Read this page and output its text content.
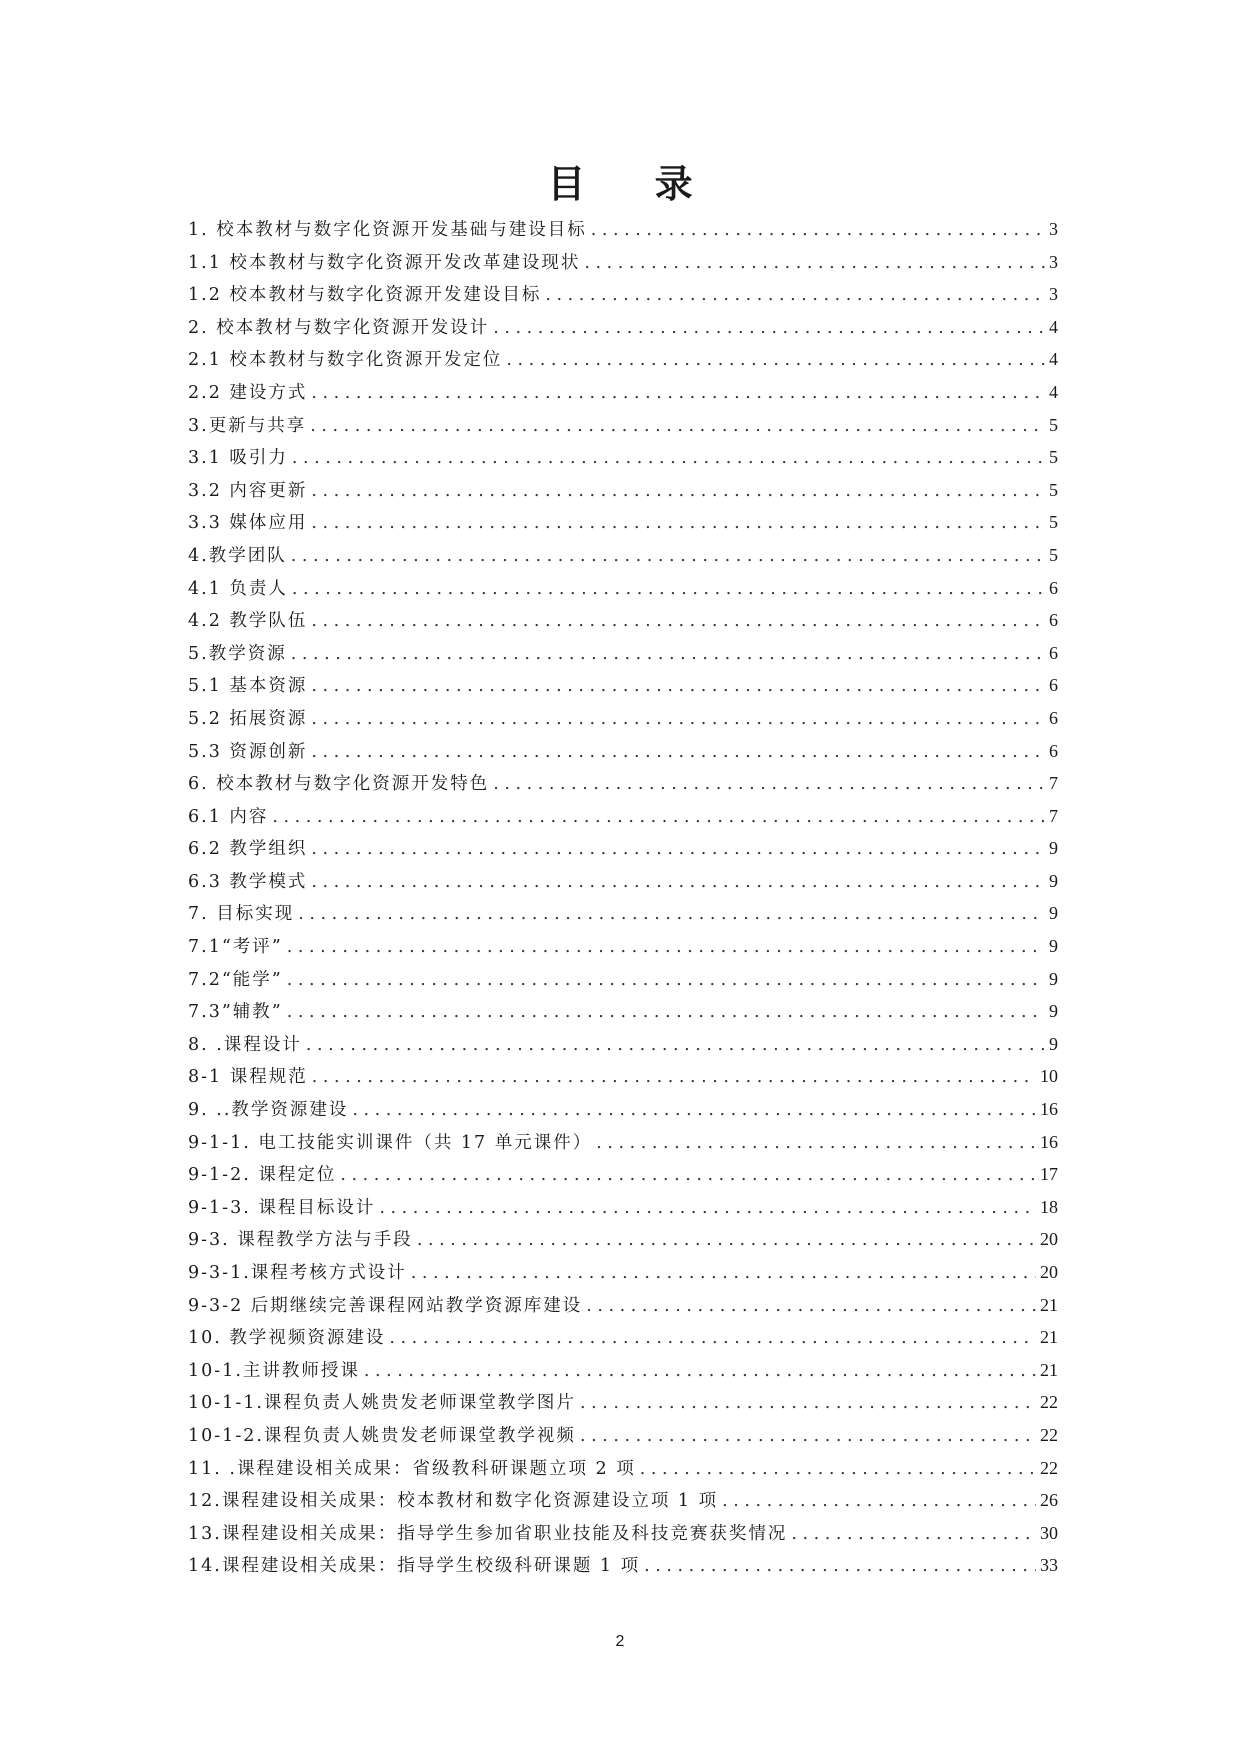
目 录
1. 校本教材与数字化资源开发基础与建设目标 . . .	3
1.1 校本教材与数字化资源开发改革建设现状 . . .	3
1.2 校本教材与数字化资源开发建设目标 . . .	3
2. 校本教材与数字化资源开发设计 . . .	4
2.1 校本教材与数字化资源开发定位 . . .	4
2.2 建设方式 . . .	4
3.更新与共享 . . .	5
3.1 吸引力 . . .	5
3.2 内容更新 . . .	5
3.3 媒体应用 . . .	5
4.教学团队 . . .	5
4.1 负责人 . . .	6
4.2 教学队伍 . . .	6
5.教学资源 . . .	6
5.1 基本资源 . . .	6
5.2 拓展资源 . . .	6
5.3 资源创新 . . .	6
6. 校本教材与数字化资源开发特色 . . .	7
6.1 内容 . . .	7
6.2 教学组织 . . .	9
6.3 教学模式 . . .	9
7. 目标实现 . . .	9
7.1“考评” . . .	9
7.2“能学” . . .	9
7.3”辅教” . . .	9
8. .课程设计 . . .	9
8-1 课程规范 . . .	10
9. ..教学资源建设 . . .	16
9-1-1. 电工技能实训课件（共 17 单元课件） . . .	16
9-1-2. 课程定位 . . .	17
9-1-3. 课程目标设计 . . .	18
9-3. 课程教学方法与手段 . . .	20
9-3-1.课程考核方式设计 . . .	20
9-3-2 后期继续完善课程网站教学资源库建设 . . .	21
10. 教学视频资源建设 . . .	21
10-1.主讲教师授课 . . .	21
10-1-1.课程负责人姚贵发老师课堂教学图片 . . .	22
10-1-2.课程负责人姚贵发老师课堂教学视频 . . .	22
11. .课程建设相关成果：省级教科研课题立项 2 项 . . .	22
12.课程建设相关成果：校本教材和数字化资源建设立项 1 项 . . .	26
13.课程建设相关成果：指导学生参加省职业技能及科技竞赛获奖情况 . . .	30
14.课程建设相关成果：指导学生校级科研课题 1 项 . . .	33
2
